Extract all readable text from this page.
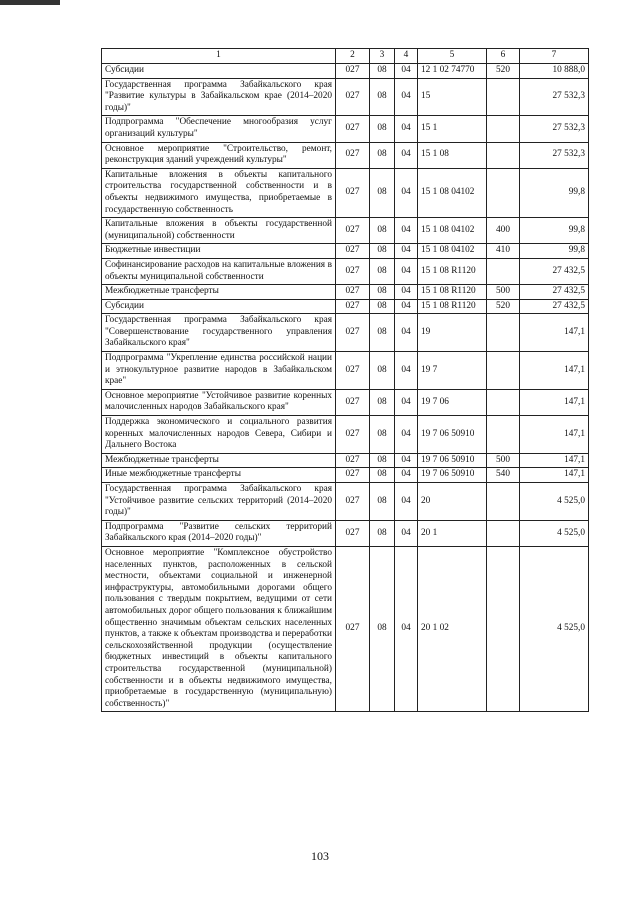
1	2	3	4	5	6	7
Субсидии	027	08	04	12 1 02 74770	520	10 888,0
Государственная программа Забайкальского края "Развитие культуры в Забайкальском крае (2014–2020 годы)"	027	08	04	15		27 532,3
Подпрограмма "Обеспечение многообразия услуг организаций культуры"	027	08	04	15 1		27 532,3
Основное мероприятие "Строительство, ремонт, реконструкция зданий учреждений культуры"	027	08	04	15 1 08		27 532,3
Капитальные вложения в объекты капитального строительства государственной собственности и в объекты недвижимого имущества, приобретаемые в государственную собственность	027	08	04	15 1 08 04102		99,8
Капитальные вложения в объекты государственной (муниципальной) собственности	027	08	04	15 1 08 04102	400	99,8
Бюджетные инвестиции	027	08	04	15 1 08 04102	410	99,8
Софинансирование расходов на капитальные вложения в объекты муниципальной собственности	027	08	04	15 1 08 R1120		27 432,5
Межбюджетные трансферты	027	08	04	15 1 08 R1120	500	27 432,5
Субсидии	027	08	04	15 1 08 R1120	520	27 432,5
Государственная программа Забайкальского края "Совершенствование государственного управления Забайкальского края"	027	08	04	19		147,1
Подпрограмма "Укрепление единства российской нации и этнокультурное развитие народов в Забайкальском крае"	027	08	04	19 7		147,1
Основное мероприятие "Устойчивое развитие коренных малочисленных народов Забайкальского края"	027	08	04	19 7 06		147,1
Поддержка экономического и социального развития коренных малочисленных народов Севера, Сибири и Дальнего Востока	027	08	04	19 7 06 50910		147,1
Межбюджетные трансферты	027	08	04	19 7 06 50910	500	147,1
Иные межбюджетные трансферты	027	08	04	19 7 06 50910	540	147,1
Государственная программа Забайкальского края "Устойчивое развитие сельских территорий (2014–2020 годы)"	027	08	04	20		4 525,0
Подпрограмма "Развитие сельских территорий Забайкальского края (2014–2020 годы)"	027	08	04	20 1		4 525,0
Основное мероприятие "Комплексное обустройство населенных пунктов, расположенных в сельской местности, объектами социальной и инженерной инфраструктуры, автомобильными дорогами общего пользования с твердым покрытием, ведущими от сети автомобильных дорог общего пользования к ближайшим общественно значимым объектам сельских населенных пунктов, а также к объектам производства и переработки сельскохозяйственной продукции (осуществление бюджетных инвестиций в объекты капитального строительства государственной (муниципальной) собственности и в объекты недвижимого имущества, приобретаемые в государственную (муниципальную) собственность)"	027	08	04	20 1 02		4 525,0
103
